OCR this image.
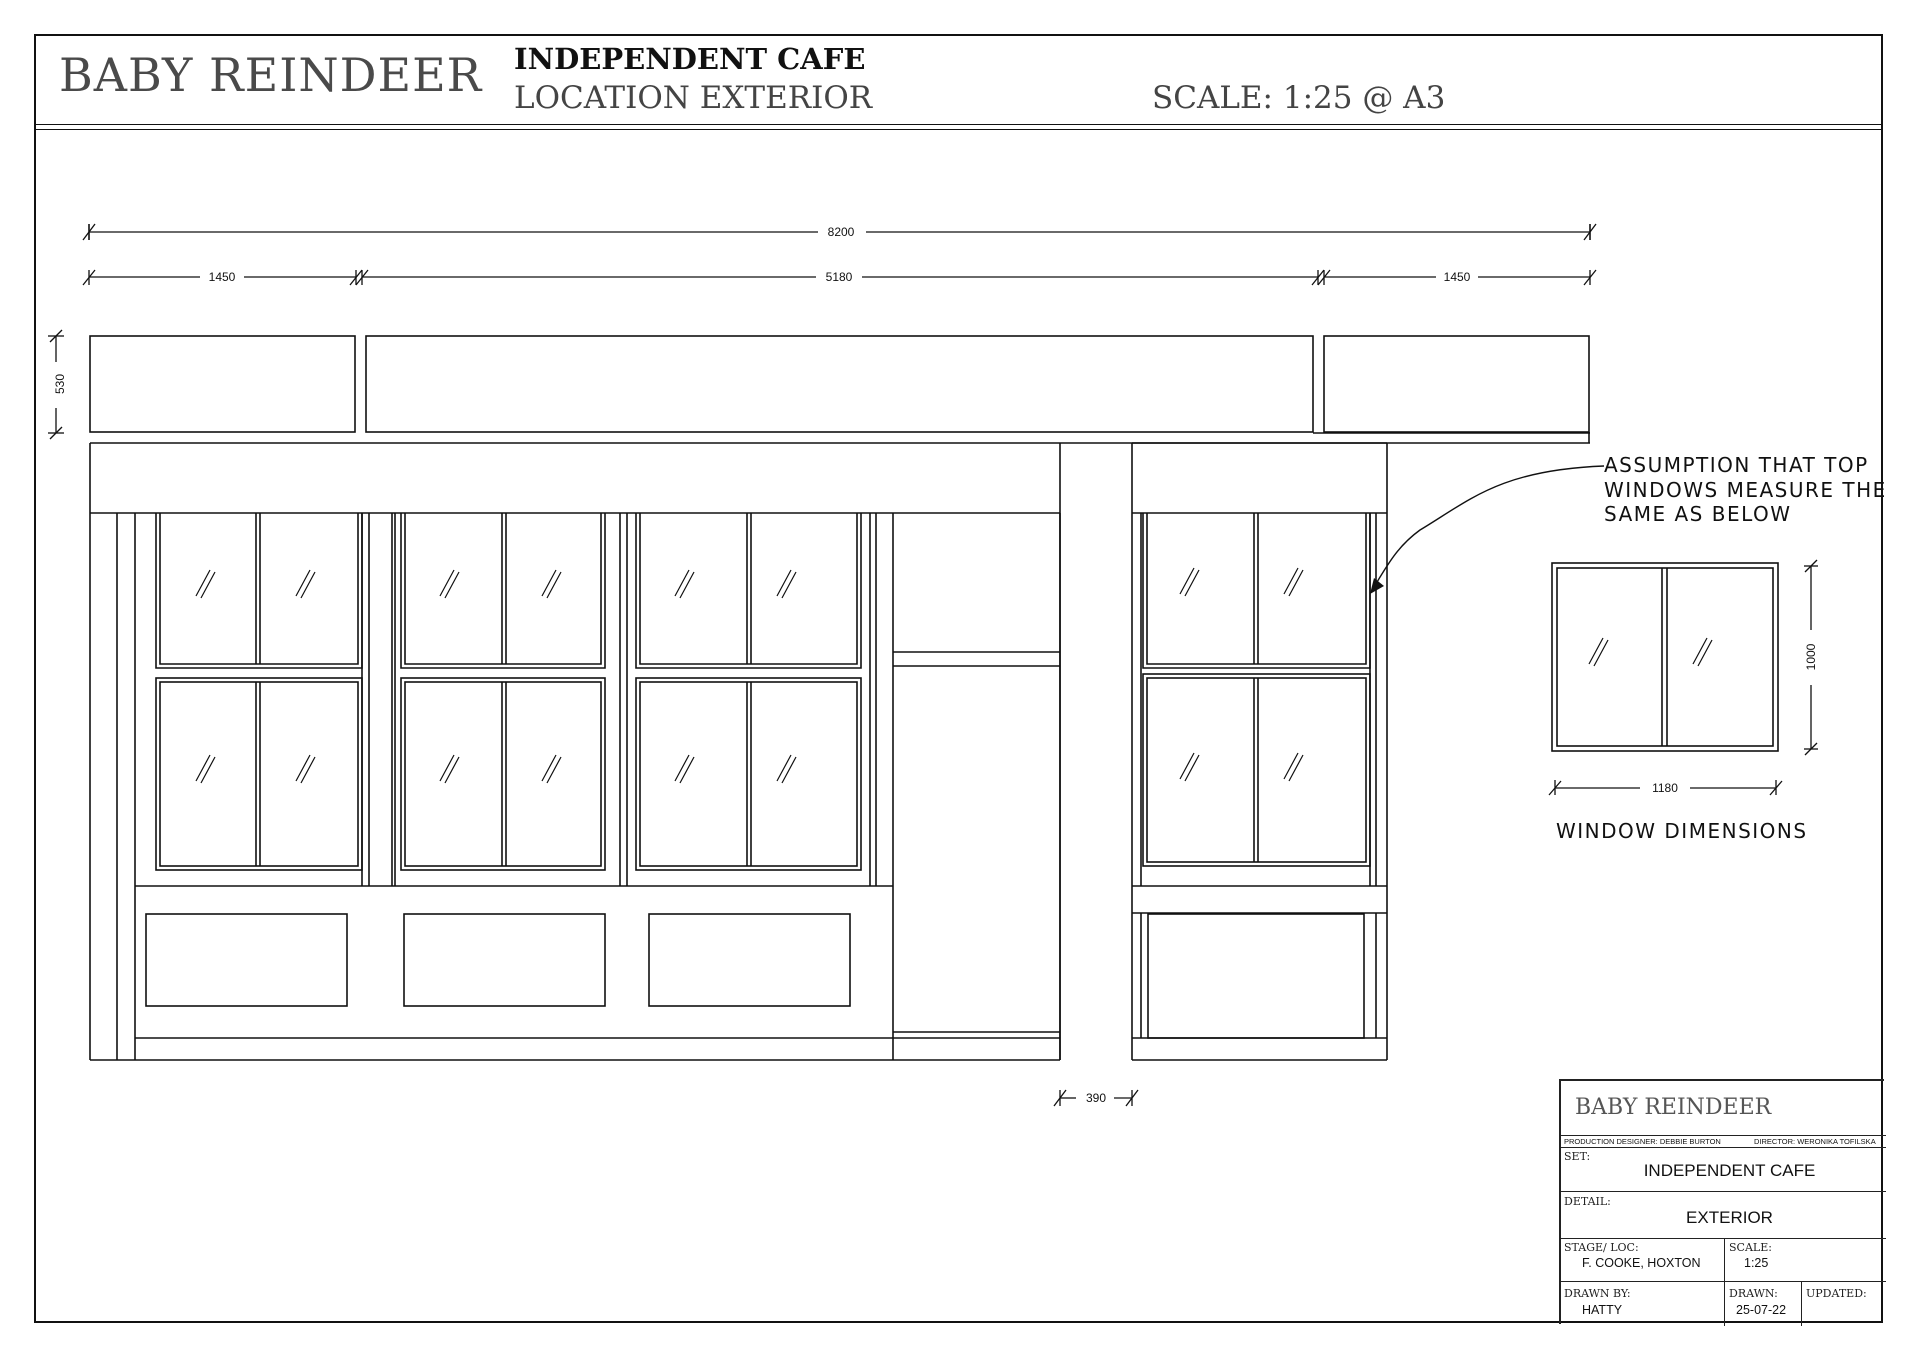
BABY REINDEER INDEPENDENT CAFE
LOCATION EXTERIOR	SCALE: 1:25 @ A3
8200
1450	5180	1450
390
1180
530
1000
ASSUMPTION THAT TOP
WINDOWS MEASURE THE
SAME AS BELOW
WINDOW DIMENSIONS
BABY REINDEER
PRODUCTION DESIGNER: DEBBIE BURTON	DIRECTOR: WERONIKA TOFILSKA
SET:
INDEPENDENT CAFE
DETAIL:
EXTERIOR
STAGE/ LOC:
F. COOKE, HOXTON
SCALE:
1:25
DRAWN BY:
HATTY
DRAWN:
25-07-22
UPDATED:
